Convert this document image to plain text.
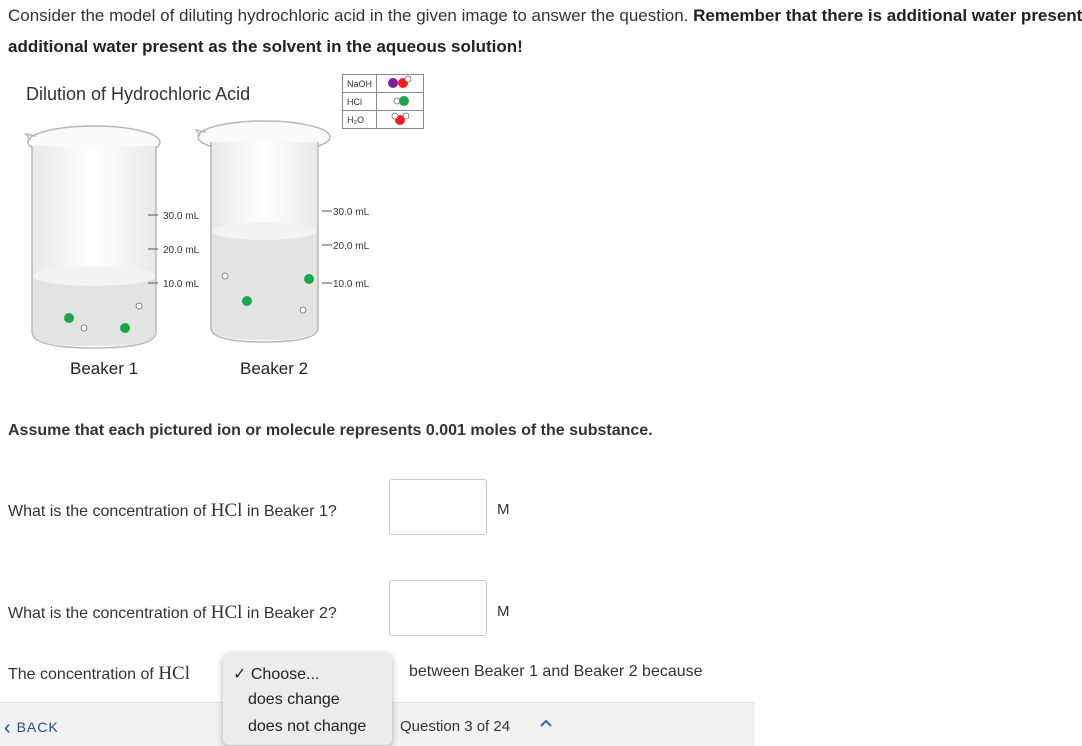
Consider the model of diluting hydrochloric acid in the given image to answer the question. Remember that there is additional water present
additional water present as the solvent in the aqueous solution!
Dilution of Hydrochloric Acid
NaOH	
HCl	
H₂O	
30.0 mL
20.0 mL
10.0 mL
30.0 mL
20.0 mL
10.0 mL
Beaker 1	Beaker 2
Assume that each pictured ion or molecule represents 0.001 moles of the substance.
What is the concentration of HCl in Beaker 1?	M
What is the concentration of HCl in Beaker 2?	M
The concentration of HCl	between Beaker 1 and Beaker 2 because
‹ BACK	Question 3 of 24
✓ Choose...
does change
does not change
